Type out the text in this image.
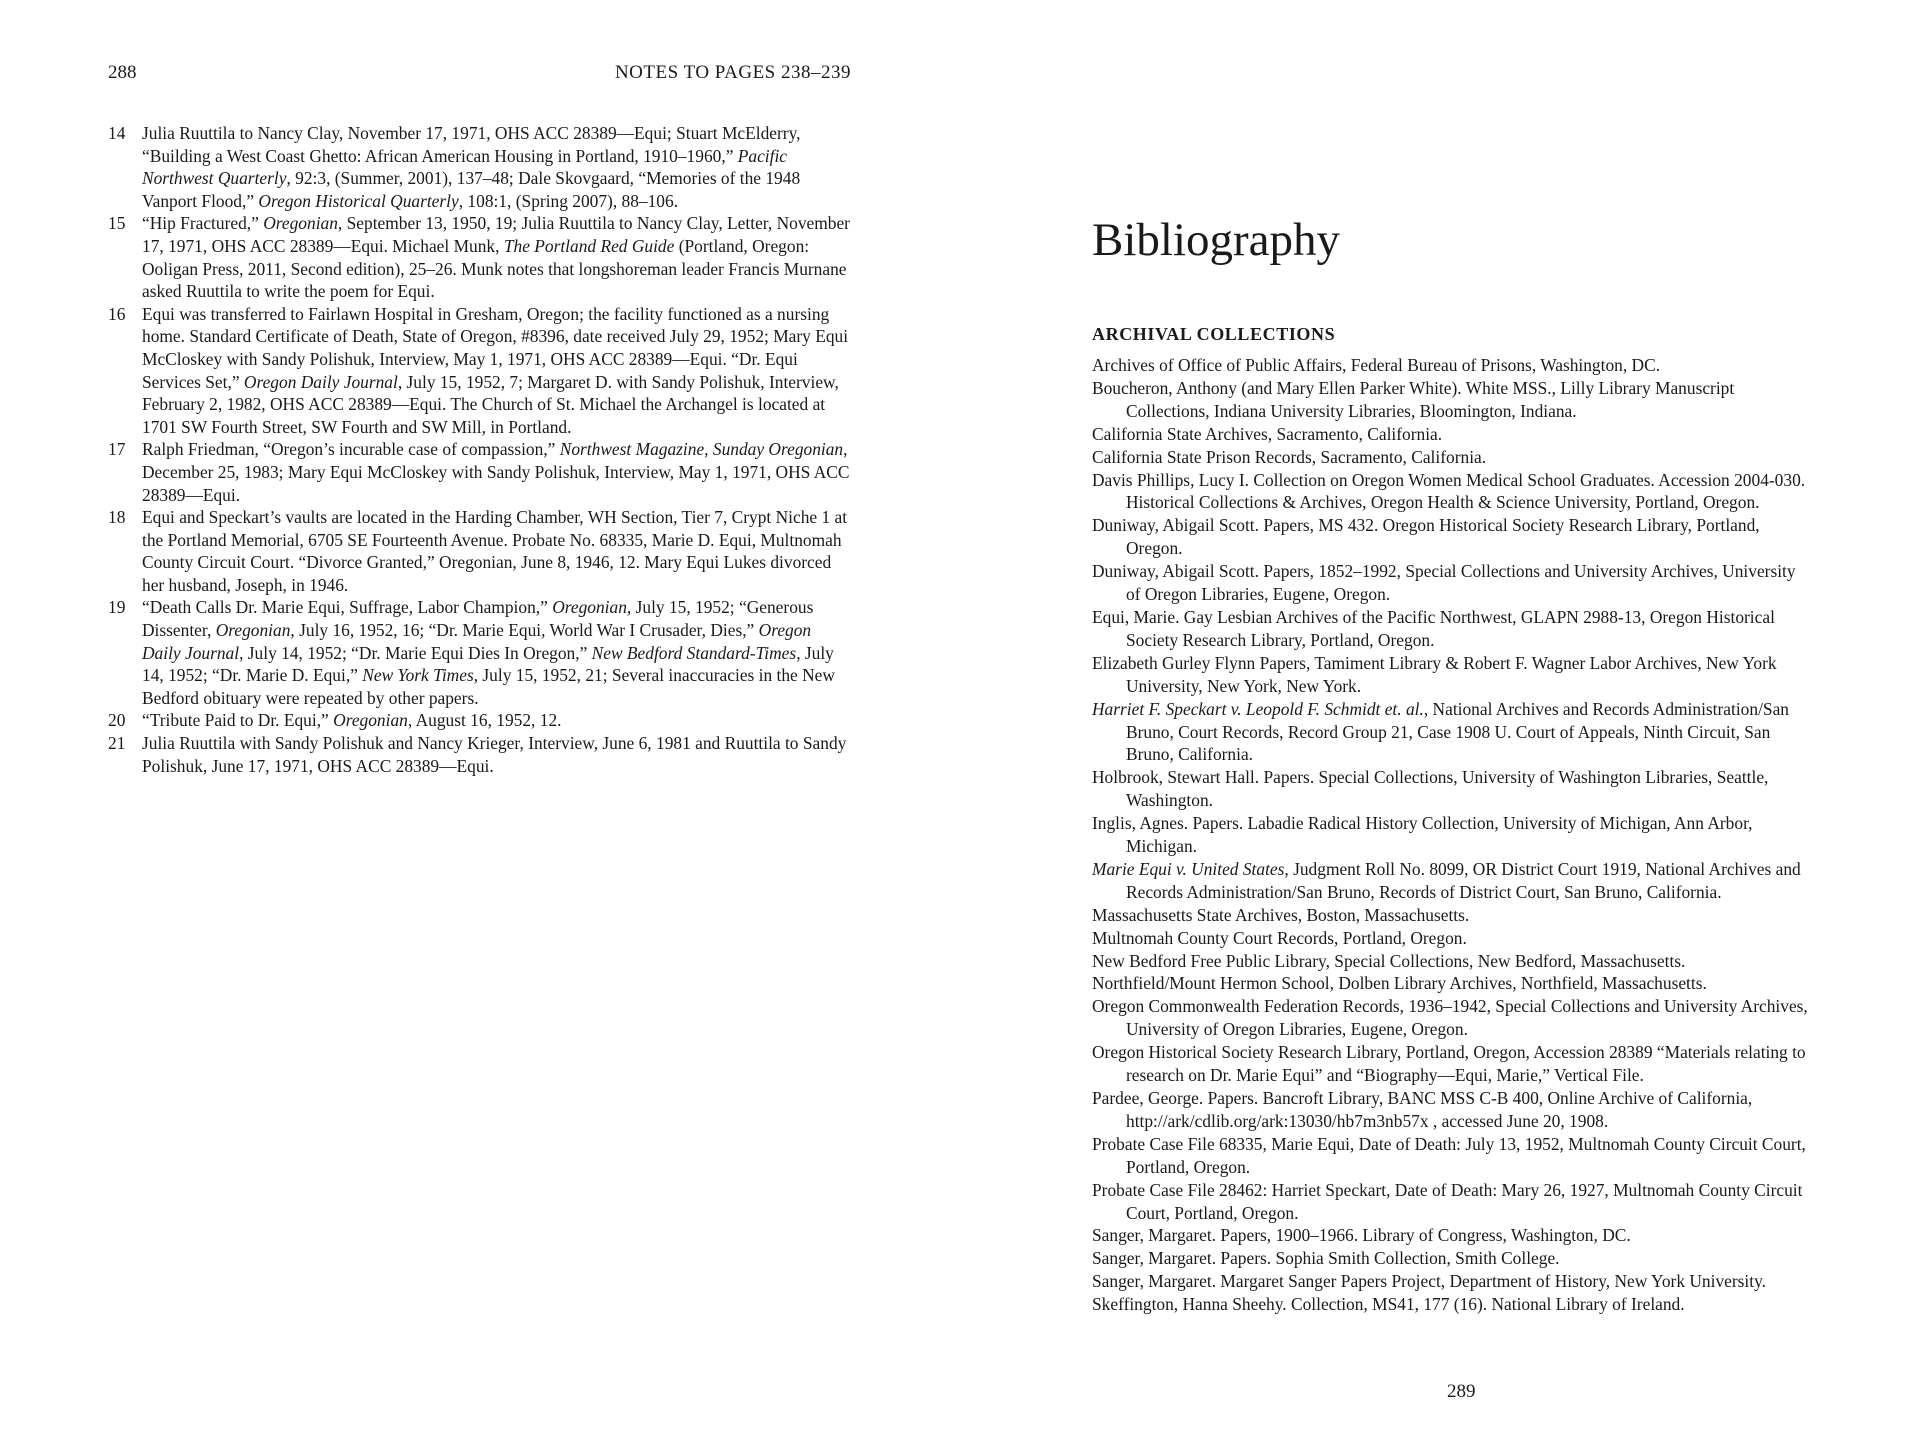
288	NOTES TO PAGES 238–239
14 Julia Ruuttila to Nancy Clay, November 17, 1971, OHS ACC 28389—Equi; Stuart McElderry, “Building a West Coast Ghetto: African American Housing in Portland, 1910–1960,” Pacific Northwest Quarterly, 92:3, (Summer, 2001), 137–48; Dale Skovgaard, “Memories of the 1948 Vanport Flood,” Oregon Historical Quarterly, 108:1, (Spring 2007), 88–106.
15 “Hip Fractured,” Oregonian, September 13, 1950, 19; Julia Ruuttila to Nancy Clay, Letter, November 17, 1971, OHS ACC 28389—Equi. Michael Munk, The Portland Red Guide (Portland, Oregon: Ooligan Press, 2011, Second edition), 25–26. Munk notes that longshoreman leader Francis Murnane asked Ruuttila to write the poem for Equi.
16 Equi was transferred to Fairlawn Hospital in Gresham, Oregon; the facility functioned as a nursing home. Standard Certificate of Death, State of Oregon, #8396, date received July 29, 1952; Mary Equi McCloskey with Sandy Polishuk, Interview, May 1, 1971, OHS ACC 28389—Equi. “Dr. Equi Services Set,” Oregon Daily Journal, July 15, 1952, 7; Margaret D. with Sandy Polishuk, Interview, February 2, 1982, OHS ACC 28389—Equi. The Church of St. Michael the Archangel is located at 1701 SW Fourth Street, SW Fourth and SW Mill, in Portland.
17 Ralph Friedman, “Oregon’s incurable case of compassion,” Northwest Magazine, Sunday Oregonian, December 25, 1983; Mary Equi McCloskey with Sandy Polishuk, Interview, May 1, 1971, OHS ACC 28389—Equi.
18 Equi and Speckart’s vaults are located in the Harding Chamber, WH Section, Tier 7, Crypt Niche 1 at the Portland Memorial, 6705 SE Fourteenth Avenue. Probate No. 68335, Marie D. Equi, Multnomah County Circuit Court. “Divorce Granted,” Oregonian, June 8, 1946, 12. Mary Equi Lukes divorced her husband, Joseph, in 1946.
19 “Death Calls Dr. Marie Equi, Suffrage, Labor Champion,” Oregonian, July 15, 1952; “Generous Dissenter, Oregonian, July 16, 1952, 16; “Dr. Marie Equi, World War I Crusader, Dies,” Oregon Daily Journal, July 14, 1952; “Dr. Marie Equi Dies In Oregon,” New Bedford Standard-Times, July 14, 1952; “Dr. Marie D. Equi,” New York Times, July 15, 1952, 21; Several inaccuracies in the New Bedford obituary were repeated by other papers.
20 “Tribute Paid to Dr. Equi,” Oregonian, August 16, 1952, 12.
21 Julia Ruuttila with Sandy Polishuk and Nancy Krieger, Interview, June 6, 1981 and Ruuttila to Sandy Polishuk, June 17, 1971, OHS ACC 28389—Equi.
Bibliography
ARCHIVAL COLLECTIONS
Archives of Office of Public Affairs, Federal Bureau of Prisons, Washington, DC.
Boucheron, Anthony (and Mary Ellen Parker White). White MSS., Lilly Library Manuscript Collections, Indiana University Libraries, Bloomington, Indiana.
California State Archives, Sacramento, California.
California State Prison Records, Sacramento, California.
Davis Phillips, Lucy I. Collection on Oregon Women Medical School Graduates. Accession 2004-030. Historical Collections & Archives, Oregon Health & Science University, Portland, Oregon.
Duniway, Abigail Scott. Papers, MS 432. Oregon Historical Society Research Library, Portland, Oregon.
Duniway, Abigail Scott. Papers, 1852–1992, Special Collections and University Archives, University of Oregon Libraries, Eugene, Oregon.
Equi, Marie. Gay Lesbian Archives of the Pacific Northwest, GLAPN 2988-13, Oregon Historical Society Research Library, Portland, Oregon.
Elizabeth Gurley Flynn Papers, Tamiment Library & Robert F. Wagner Labor Archives, New York University, New York, New York.
Harriet F. Speckart v. Leopold F. Schmidt et. al., National Archives and Records Administration/San Bruno, Court Records, Record Group 21, Case 1908 U. Court of Appeals, Ninth Circuit, San Bruno, California.
Holbrook, Stewart Hall. Papers. Special Collections, University of Washington Libraries, Seattle, Washington.
Inglis, Agnes. Papers. Labadie Radical History Collection, University of Michigan, Ann Arbor, Michigan.
Marie Equi v. United States, Judgment Roll No. 8099, OR District Court 1919, National Archives and Records Administration/San Bruno, Records of District Court, San Bruno, California.
Massachusetts State Archives, Boston, Massachusetts.
Multnomah County Court Records, Portland, Oregon.
New Bedford Free Public Library, Special Collections, New Bedford, Massachusetts.
Northfield/Mount Hermon School, Dolben Library Archives, Northfield, Massachusetts.
Oregon Commonwealth Federation Records, 1936–1942, Special Collections and University Archives, University of Oregon Libraries, Eugene, Oregon.
Oregon Historical Society Research Library, Portland, Oregon, Accession 28389 “Materials relating to research on Dr. Marie Equi” and “Biography—Equi, Marie,” Vertical File.
Pardee, George. Papers. Bancroft Library, BANC MSS C-B 400, Online Archive of California, http://ark/cdlib.org/ark:13030/hb7m3nb57x , accessed June 20, 1908.
Probate Case File 68335, Marie Equi, Date of Death: July 13, 1952, Multnomah County Circuit Court, Portland, Oregon.
Probate Case File 28462: Harriet Speckart, Date of Death: Mary 26, 1927, Multnomah County Circuit Court, Portland, Oregon.
Sanger, Margaret. Papers, 1900–1966. Library of Congress, Washington, DC.
Sanger, Margaret. Papers. Sophia Smith Collection, Smith College.
Sanger, Margaret. Margaret Sanger Papers Project, Department of History, New York University.
Skeffington, Hanna Sheehy. Collection, MS41, 177 (16). National Library of Ireland.
289
